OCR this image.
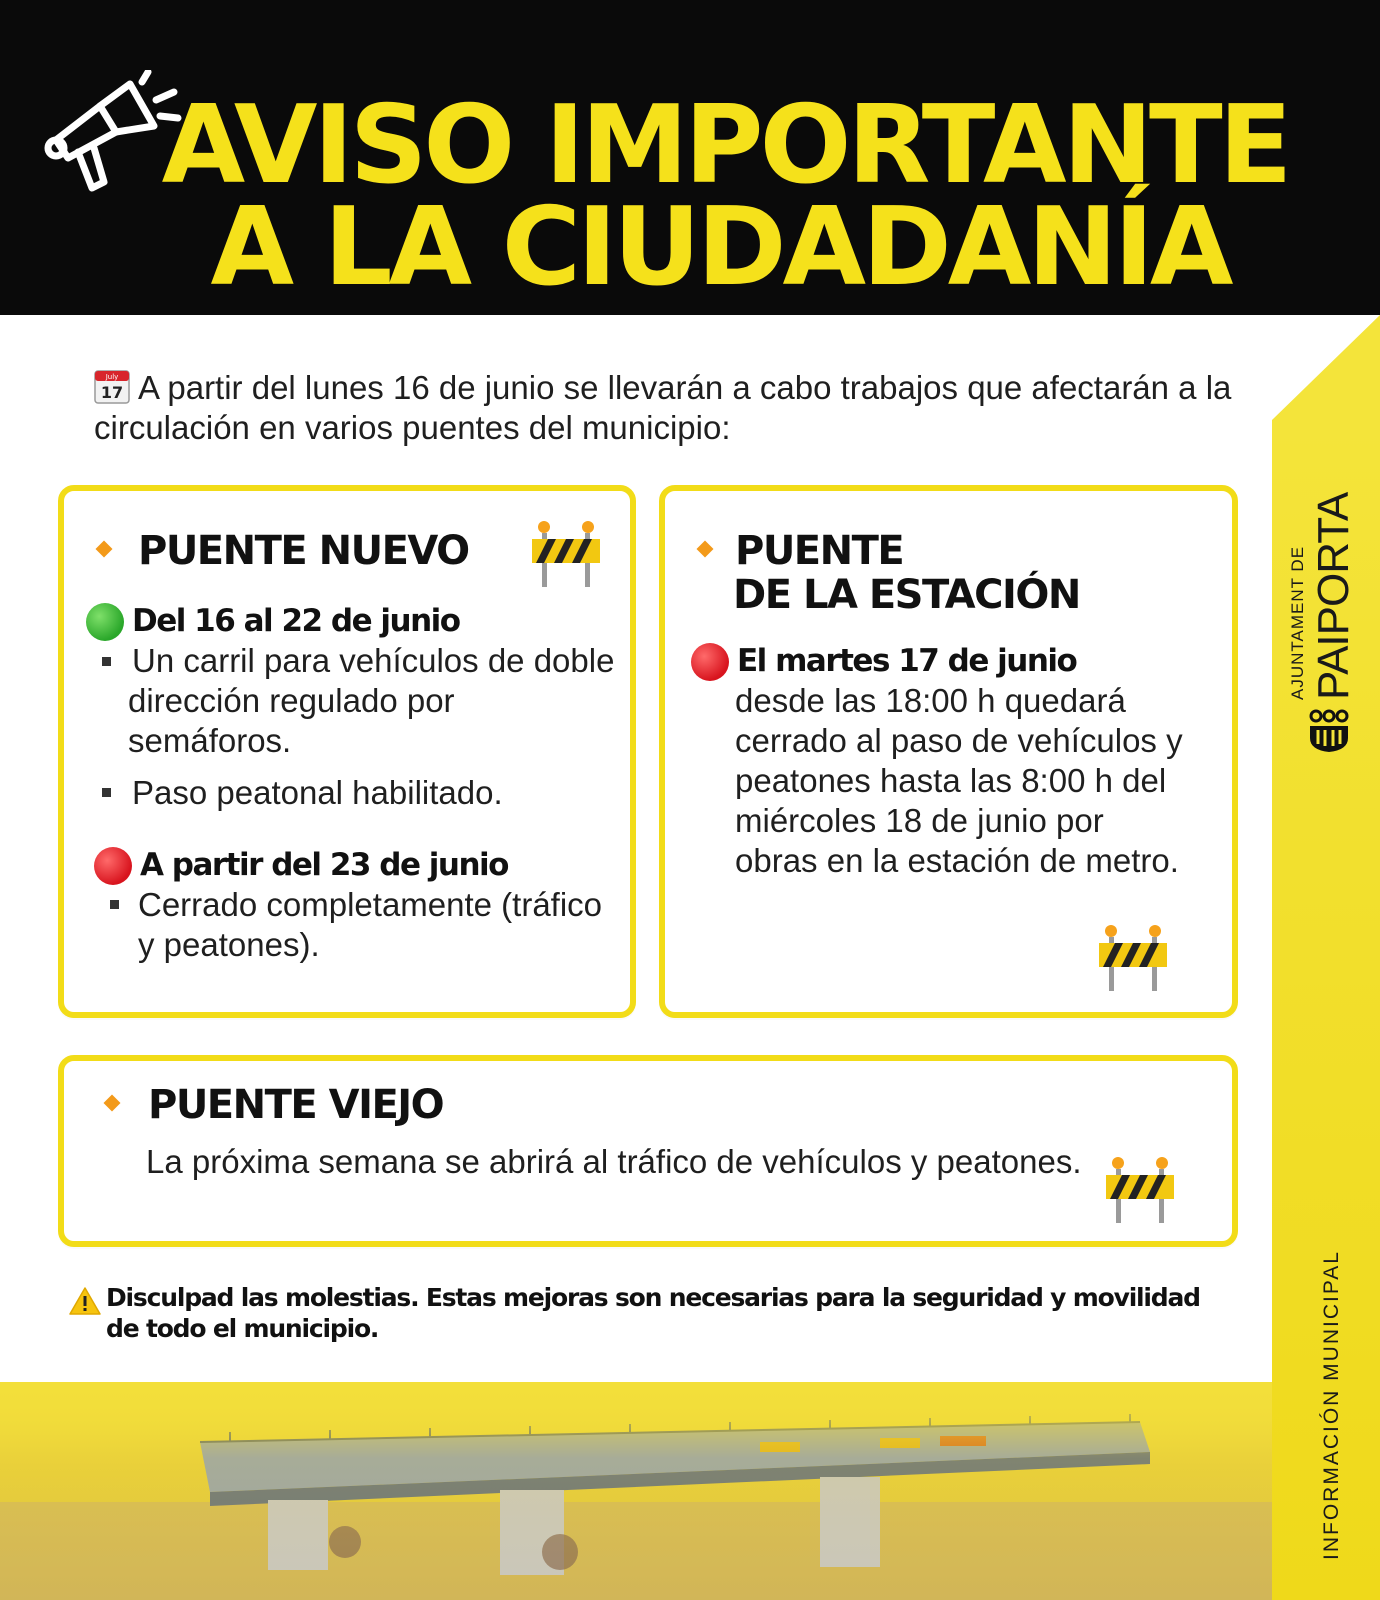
AVISO IMPORTANTE
A LA CIUDADANÍA
AJUNTAMENT DE PAIPORTA
INFORMACIÓN MUNICIPAL
July
17 A partir del lunes 16 de junio se llevarán a cabo trabajos que afectarán a la circulación en varios puentes del municipio:
PUENTE NUEVO
Del 16 al 22 de junio
Un carril para vehículos de doble dirección regulado por semáforos.
Paso peatonal habilitado.
A partir del 23 de junio
Cerrado completamente (tráfico y peatones).
PUENTE
DE LA ESTACIÓN
El martes 17 de junio
desde las 18:00 h quedará cerrado al paso de vehículos y peatones hasta las 8:00 h del miércoles 18 de junio por obras en la estación de metro.
PUENTE VIEJO
La próxima semana se abrirá al tráfico de vehículos y peatones.
Disculpad las molestias. Estas mejoras son necesarias para la seguridad y movilidad de todo el municipio.
